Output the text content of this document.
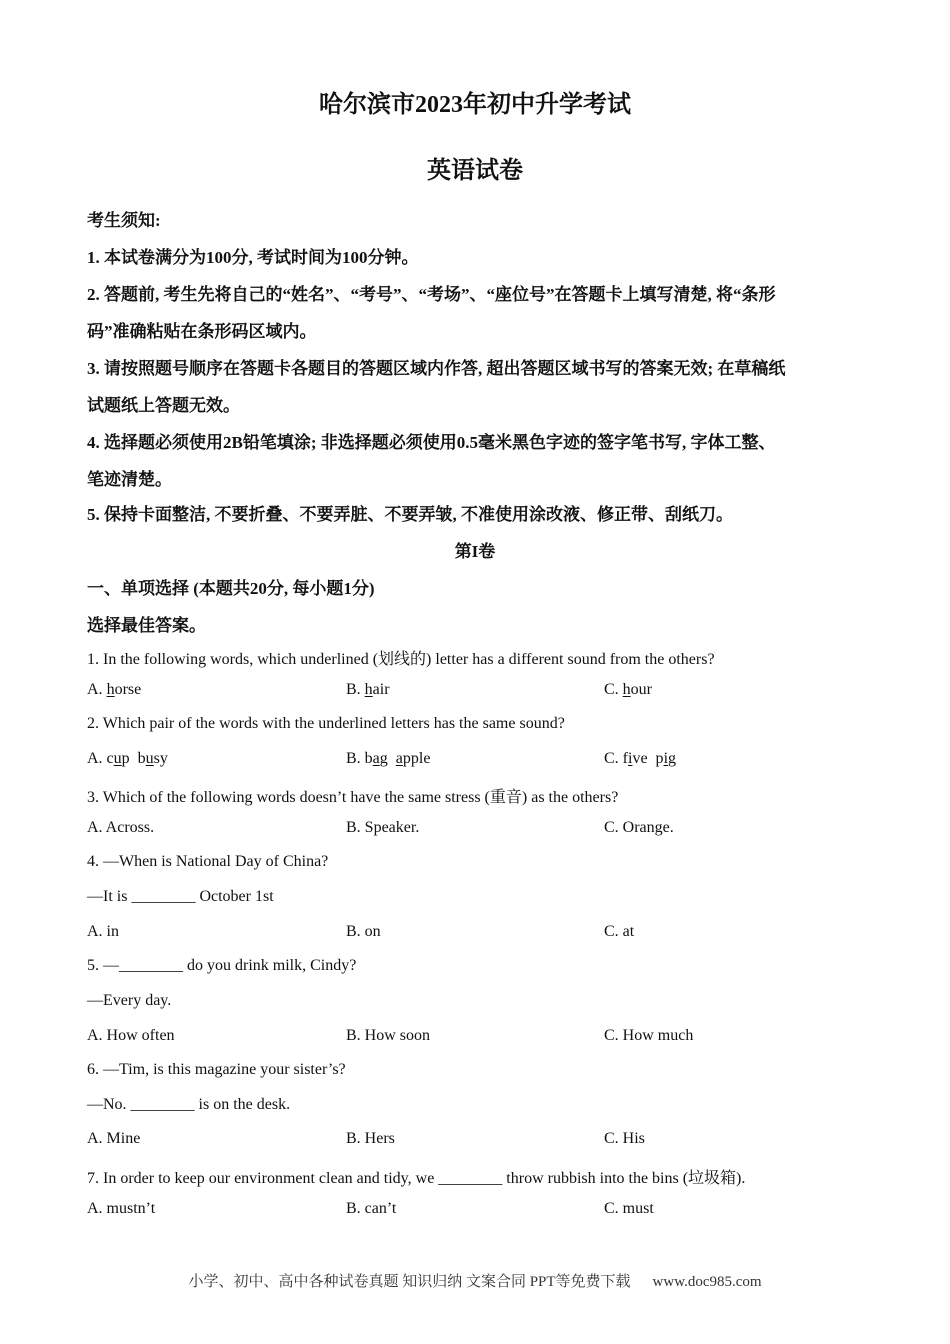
哈尔滨市2023年初中升学考试
英语试卷
考生须知:
1. 本试卷满分为100分, 考试时间为100分钟。
2. 答题前, 考生先将自己的“姓名”、“考号”、“考场”、“座位号”在答题卡上填写清楚, 将“条形
码”准确粘贴在条形码区域内。
3. 请按照题号顺序在答题卡各题目的答题区域内作答, 超出答题区域书写的答案无效; 在草稿纸
试题纸上答题无效。
4. 选择题必须使用2B铅笔填涂; 非选择题必须使用0.5毫米黑色字迹的签字笔书写, 字体工整、
笔迹清楚。
5. 保持卡面整洁, 不要折叠、不要弄脏、不要弄皱, 不准使用涂改液、修正带、刮纸刀。
第I卷
一、单项选择 (本题共20分, 每小题1分)
选择最佳答案。
1. In the following words, which underlined (划线的) letter has a different sound from the others?
A. horse	B. hair	C. hour
2. Which pair of the words with the underlined letters has the same sound?
A. cup  busy	B. bag  apple	C. five  pig
3. Which of the following words doesn’t have the same stress (重音) as the others?
A. Across.	B. Speaker.	C. Orange.
4. —When is National Day of China?
—It is ________ October 1st
A. in	B. on	C. at
5. —________ do you drink milk, Cindy?
—Every day.
A. How often	B. How soon	C. How much
6. —Tim, is this magazine your sister’s?
—No. ________ is on the desk.
A. Mine	B. Hers	C. His
7. In order to keep our environment clean and tidy, we ________ throw rubbish into the bins (垃圾箱).
A. mustn’t	B. can’t	C. must
小学、初中、高中各种试卷真题 知识归纳 文案合同 PPT等免费下载 www.doc985.com
